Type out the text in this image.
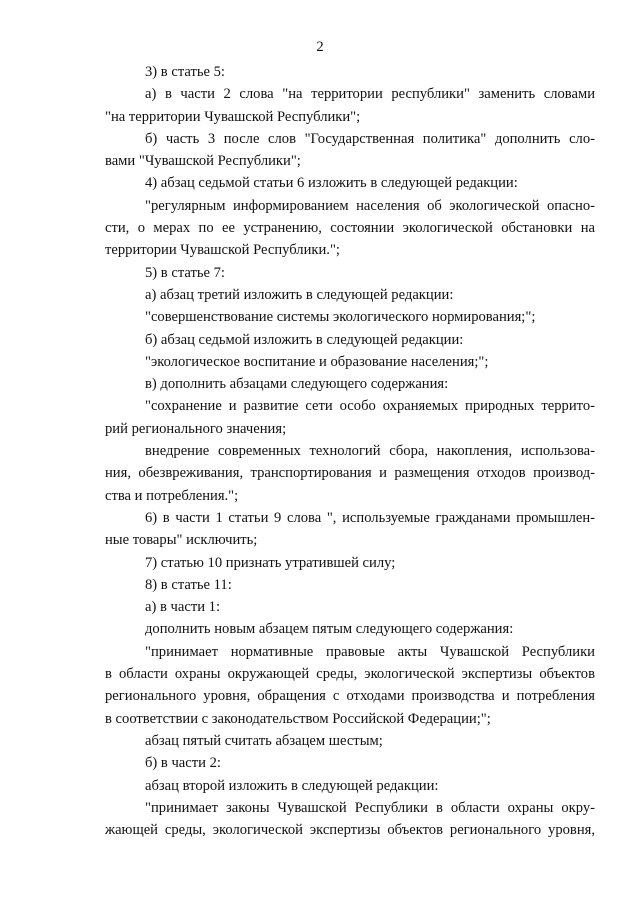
2
3) в статье 5:
а) в части 2 слова "на территории республики" заменить словами
"на территории Чувашской Республики";
б) часть 3 после слов "Государственная политика" дополнить сло-
вами "Чувашской Республики";
4) абзац седьмой статьи 6 изложить в следующей редакции:
"регулярным информированием населения об экологической опасно-
сти, о мерах по ее устранению, состоянии экологической обстановки на
территории Чувашской Республики.";
5) в статье 7:
а) абзац третий изложить в следующей редакции:
"совершенствование системы экологического нормирования;";
б) абзац седьмой изложить в следующей редакции:
"экологическое воспитание и образование населения;";
в) дополнить абзацами следующего содержания:
"сохранение и развитие сети особо охраняемых природных террито-
рий регионального значения;
внедрение современных технологий сбора, накопления, использова-
ния, обезвреживания, транспортирования и размещения отходов производ-
ства и потребления.";
6) в части 1 статьи 9 слова ", используемые гражданами промышлен-
ные товары" исключить;
7) статью 10 признать утратившей силу;
8) в статье 11:
а) в части 1:
дополнить новым абзацем пятым следующего содержания:
"принимает нормативные правовые акты Чувашской Республики
в области охраны окружающей среды, экологической экспертизы объектов
регионального уровня, обращения с отходами производства и потребления
в соответствии с законодательством Российской Федерации;";
абзац пятый считать абзацем шестым;
б) в части 2:
абзац второй изложить в следующей редакции:
"принимает законы Чувашской Республики в области охраны окру-
жающей среды, экологической экспертизы объектов регионального уровня,
